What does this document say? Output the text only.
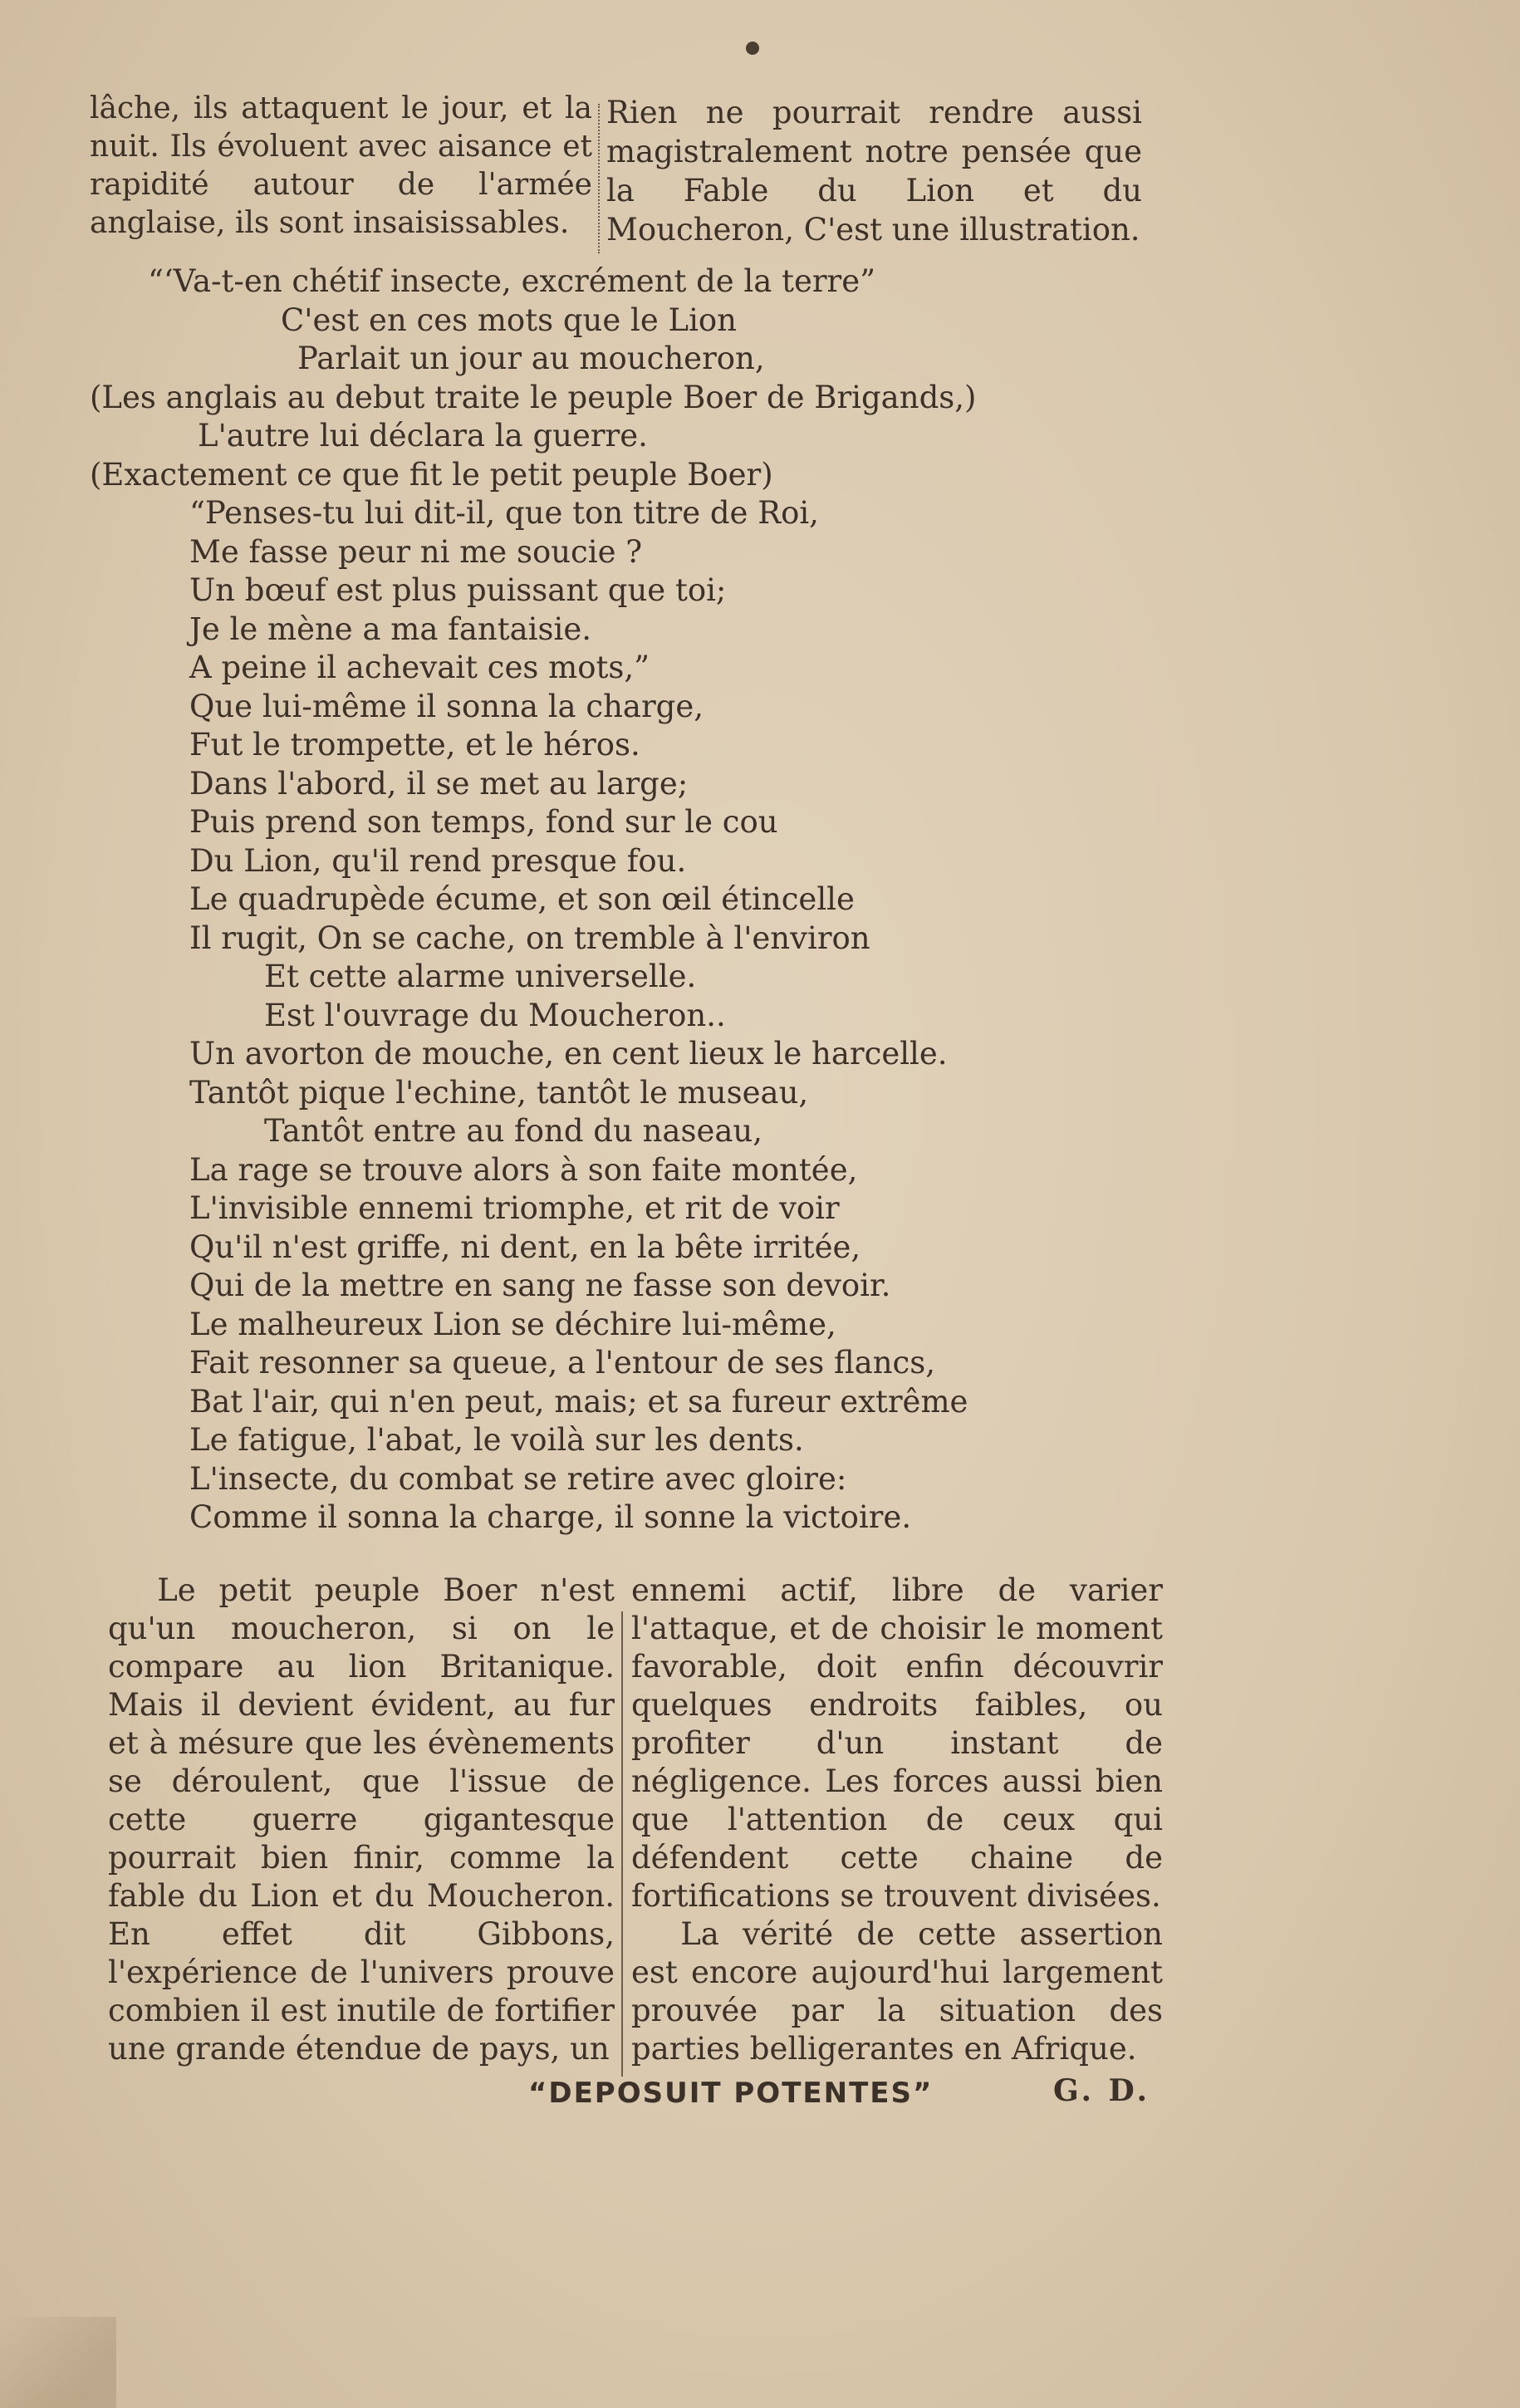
lâche, ils attaquent le jour, et la nuit. Ils évoluent avec aisance et rapidité autour de l'armée anglaise, ils sont insaisissables.
Rien ne pourrait rendre aussi magistralement notre pensée que la Fable du Lion et du Moucheron, C'est une illustration.
“‘Va-t-en chétif insecte, excrément de la terre”
C'est en ces mots que le Lion
Parlait un jour au moucheron,
(Les anglais au debut traite le peuple Boer de Brigands,)
L'autre lui déclara la guerre.
(Exactement ce que fit le petit peuple Boer)
“Penses-tu lui dit-il, que ton titre de Roi,
Me fasse peur ni me soucie ?
Un bœuf est plus puissant que toi;
Je le mène a ma fantaisie.
A peine il achevait ces mots,”
Que lui-même il sonna la charge,
Fut le trompette, et le héros.
Dans l'abord, il se met au large;
Puis prend son temps, fond sur le cou
Du Lion, qu'il rend presque fou.
Le quadrupède écume, et son œil étincelle
Il rugit, On se cache, on tremble à l'environ
Et cette alarme universelle.
Est l'ouvrage du Moucheron..
Un avorton de mouche, en cent lieux le harcelle.
Tantôt pique l'echine, tantôt le museau,
Tantôt entre au fond du naseau,
La rage se trouve alors à son faite montée,
L'invisible ennemi triomphe, et rit de voir
Qu'il n'est griffe, ni dent, en la bête irritée,
Qui de la mettre en sang ne fasse son devoir.
Le malheureux Lion se déchire lui-même,
Fait resonner sa queue, a l'entour de ses flancs,
Bat l'air, qui n'en peut, mais; et sa fureur extrême
Le fatigue, l'abat, le voilà sur les dents.
L'insecte, du combat se retire avec gloire:
Comme il sonna la charge, il sonne la victoire.
Le petit peuple Boer n'est qu'un moucheron, si on le compare au lion Britanique. Mais il devient évident, au fur et à mésure que les évènements se déroulent, que l'issue de cette guerre gigantesque pourrait bien finir, comme la fable du Lion et du Moucheron. En effet dit Gibbons, l'expérience de l'univers prouve combien il est inutile de fortifier une grande étendue de pays, un
ennemi actif, libre de varier l'attaque, et de choisir le moment favorable, doit enfin découvrir quelques endroits faibles, ou profiter d'un instant de négligence. Les forces aussi bien que l'attention de ceux qui défendent cette chaine de fortifications se trouvent divisées.
La vérité de cette assertion est encore aujourd'hui largement prouvée par la situation des parties belligerantes en Afrique.
“DEPOSUIT POTENTES”	G. D.
